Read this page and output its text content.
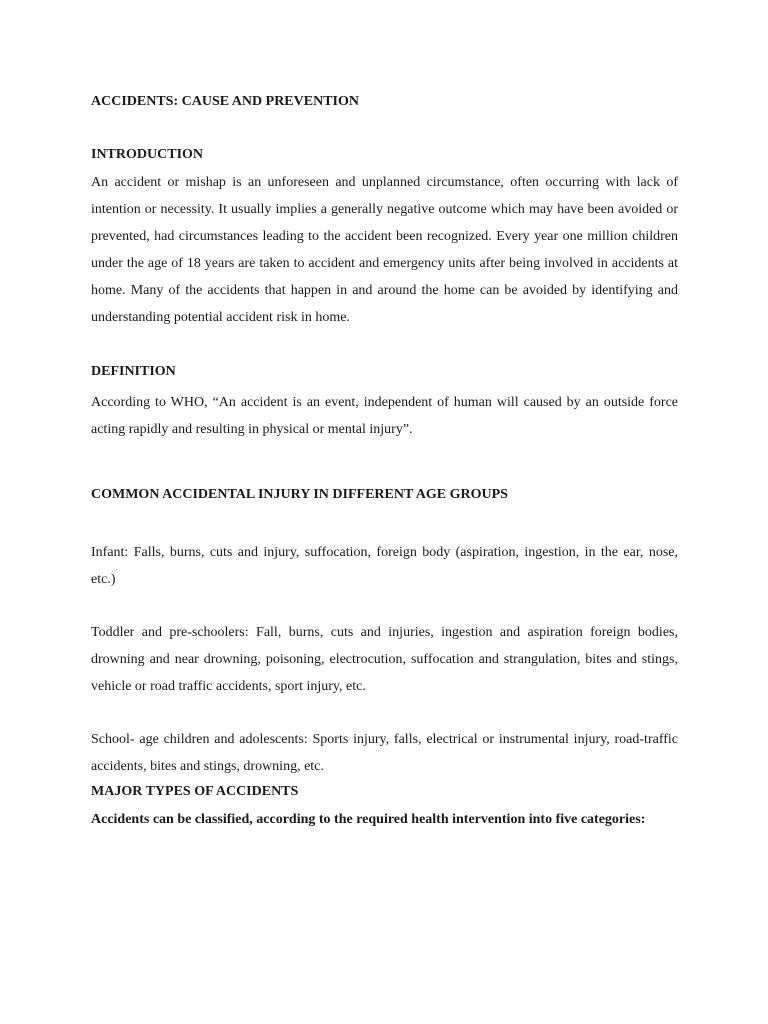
ACCIDENTS: CAUSE AND PREVENTION
INTRODUCTION

An accident or mishap is an unforeseen and unplanned circumstance, often occurring with lack of intention or necessity. It usually implies a generally negative outcome which may have been avoided or prevented, had circumstances leading to the accident been recognized. Every year one million children under the age of 18 years are taken to accident and emergency units after being involved in accidents at home. Many of the accidents that happen in and around the home can be avoided by identifying and understanding potential accident risk in home.

DEFINITION

According to WHO, “An accident is an event, independent of human will caused by an outside force acting rapidly and resulting in physical or mental injury”.

COMMON ACCIDENTAL INJURY IN DIFFERENT AGE GROUPS

Infant: Falls, burns, cuts and injury, suffocation, foreign body (aspiration, ingestion, in the ear, nose, etc.)

Toddler and pre-schoolers: Fall, burns, cuts and injuries, ingestion and aspiration foreign bodies, drowning and near drowning, poisoning, electrocution, suffocation and strangulation, bites and stings, vehicle or road traffic accidents, sport injury, etc.

School- age children and adolescents: Sports injury, falls, electrical or instrumental injury, road-traffic accidents, bites and stings, drowning, etc.

MAJOR TYPES OF ACCIDENTS

Accidents can be classified, according to the required health intervention into five categories:
